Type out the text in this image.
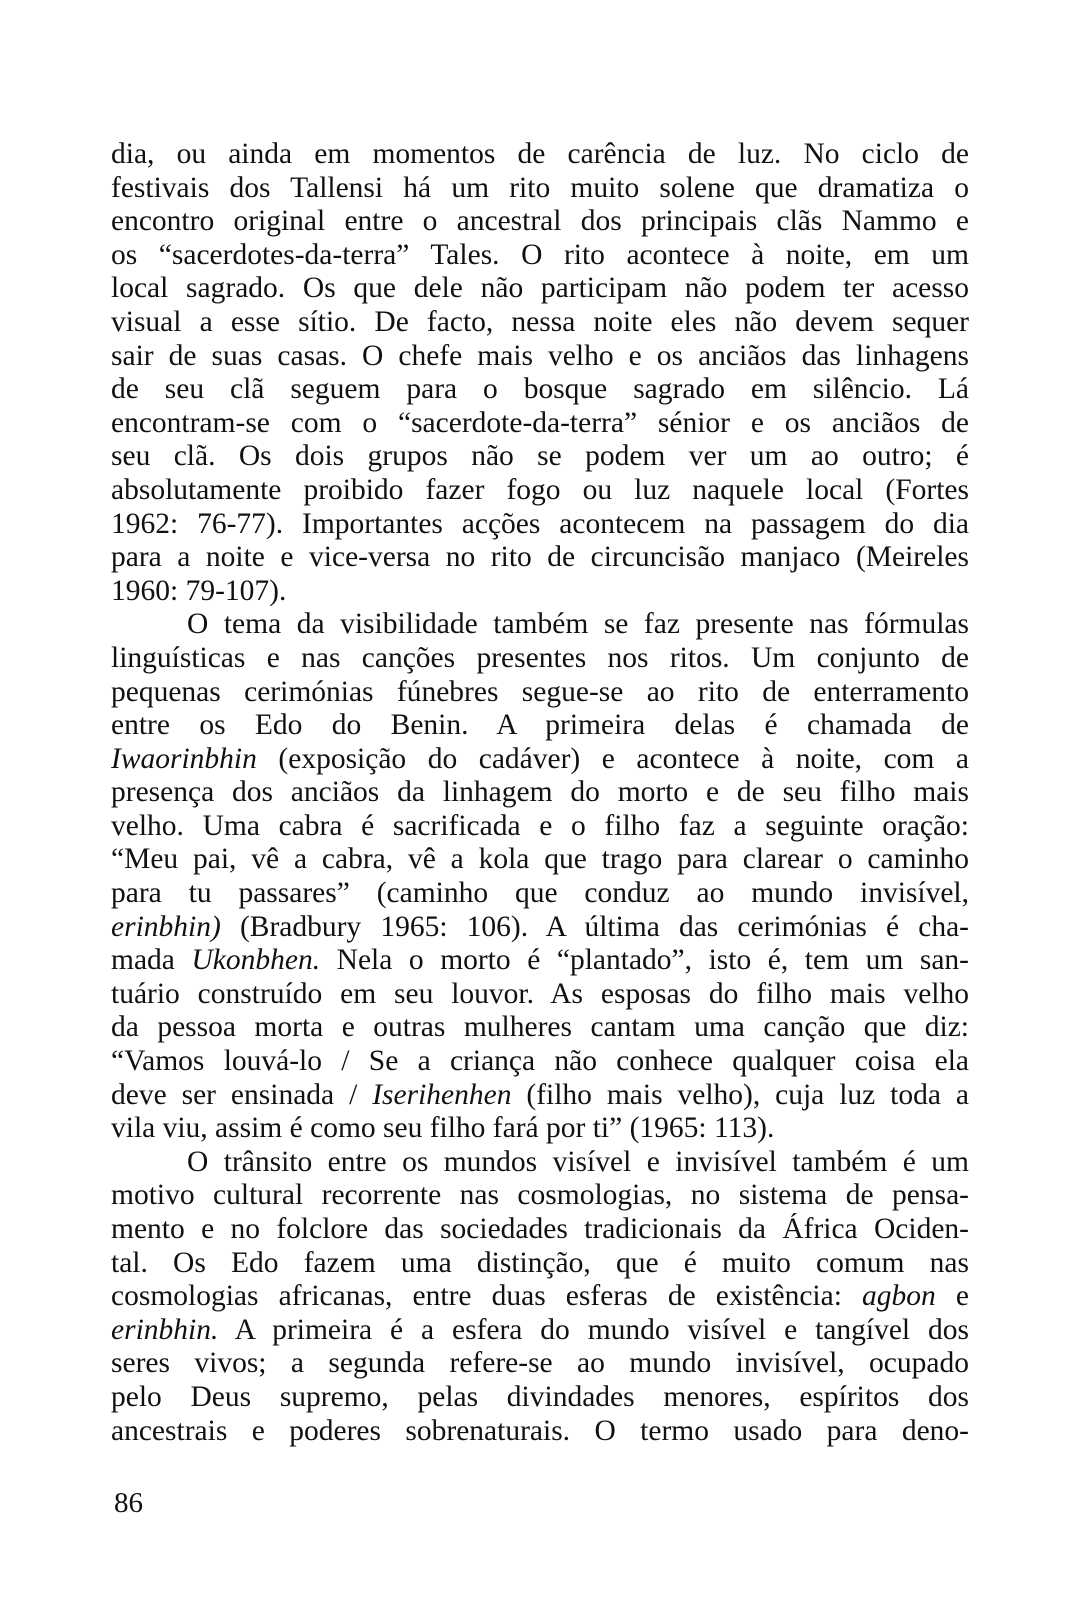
dia, ou ainda em momentos de carência de luz. No ciclo de
festivais dos Tallensi há um rito muito solene que dramatiza o
encontro original entre o ancestral dos principais clãs Nammo e
os “sacerdotes-da-terra” Tales. O rito acontece à noite, em um
local sagrado. Os que dele não participam não podem ter acesso
visual a esse sítio. De facto, nessa noite eles não devem sequer
sair de suas casas. O chefe mais velho e os anciãos das linhagens
de seu clã seguem para o bosque sagrado em silêncio. Lá
encontram-se com o “sacerdote-da-terra” sénior e os anciãos de
seu clã. Os dois grupos não se podem ver um ao outro; é
absolutamente proibido fazer fogo ou luz naquele local (Fortes
1962: 76-77). Importantes acções acontecem na passagem do dia
para a noite e vice-versa no rito de circuncisão manjaco (Meireles
1960: 79-107).
O tema da visibilidade também se faz presente nas fórmulas
linguísticas e nas canções presentes nos ritos. Um conjunto de
pequenas cerimónias fúnebres segue-se ao rito de enterramento
entre os Edo do Benin. A primeira delas é chamada de
Iwaorinbhin (exposição do cadáver) e acontece à noite, com a
presença dos anciãos da linhagem do morto e de seu filho mais
velho. Uma cabra é sacrificada e o filho faz a seguinte oração:
“Meu pai, vê a cabra, vê a kola que trago para clarear o caminho
para tu passares” (caminho que conduz ao mundo invisível,
erinbhin) (Bradbury 1965: 106). A última das cerimónias é cha-
mada Ukonbhen. Nela o morto é “plantado”, isto é, tem um san-
tuário construído em seu louvor. As esposas do filho mais velho
da pessoa morta e outras mulheres cantam uma canção que diz:
“Vamos louvá-lo / Se a criança não conhece qualquer coisa ela
deve ser ensinada / Iserihenhen (filho mais velho), cuja luz toda a
vila viu, assim é como seu filho fará por ti” (1965: 113).
O trânsito entre os mundos visível e invisível também é um
motivo cultural recorrente nas cosmologias, no sistema de pensa-
mento e no folclore das sociedades tradicionais da África Ociden-
tal. Os Edo fazem uma distinção, que é muito comum nas
cosmologias africanas, entre duas esferas de existência: agbon e
erinbhin. A primeira é a esfera do mundo visível e tangível dos
seres vivos; a segunda refere-se ao mundo invisível, ocupado
pelo Deus supremo, pelas divindades menores, espíritos dos
ancestrais e poderes sobrenaturais. O termo usado para deno-
86
